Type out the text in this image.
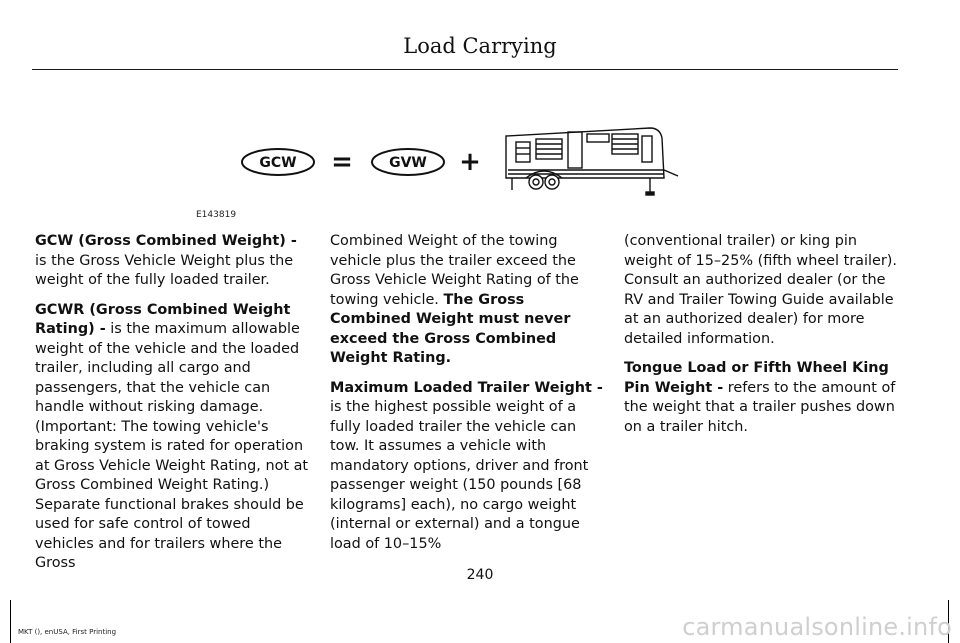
Load Carrying
GCW =	GVW +
E143819

GCW (Gross Combined Weight) - is the Gross Vehicle Weight plus the weight of the fully loaded trailer.

GCWR (Gross Combined Weight Rating) - is the maximum allowable weight of the vehicle and the loaded trailer, including all cargo and passengers, that the vehicle can handle without risking damage. (Important: The towing vehicle's braking system is rated for operation at Gross Vehicle Weight Rating, not at Gross Combined Weight Rating.) Separate functional brakes should be used for safe control of towed vehicles and for trailers where the Gross

Combined Weight of the towing vehicle plus the trailer exceed the Gross Vehicle Weight Rating of the towing vehicle. The Gross Combined Weight must never exceed the Gross Combined Weight Rating.

Maximum Loaded Trailer Weight - is the highest possible weight of a fully loaded trailer the vehicle can tow. It assumes a vehicle with mandatory options, driver and front passenger weight (150 pounds [68 kilograms] each), no cargo weight (internal or external) and a tongue load of 10–15%

(conventional trailer) or king pin weight of 15–25% (fifth wheel trailer). Consult an authorized dealer (or the RV and Trailer Towing Guide available at an authorized dealer) for more detailed information.

Tongue Load or Fifth Wheel King Pin Weight - refers to the amount of the weight that a trailer pushes down on a trailer hitch.

240
MKT (), enUSA, First Printing	carmanualsonline.info
